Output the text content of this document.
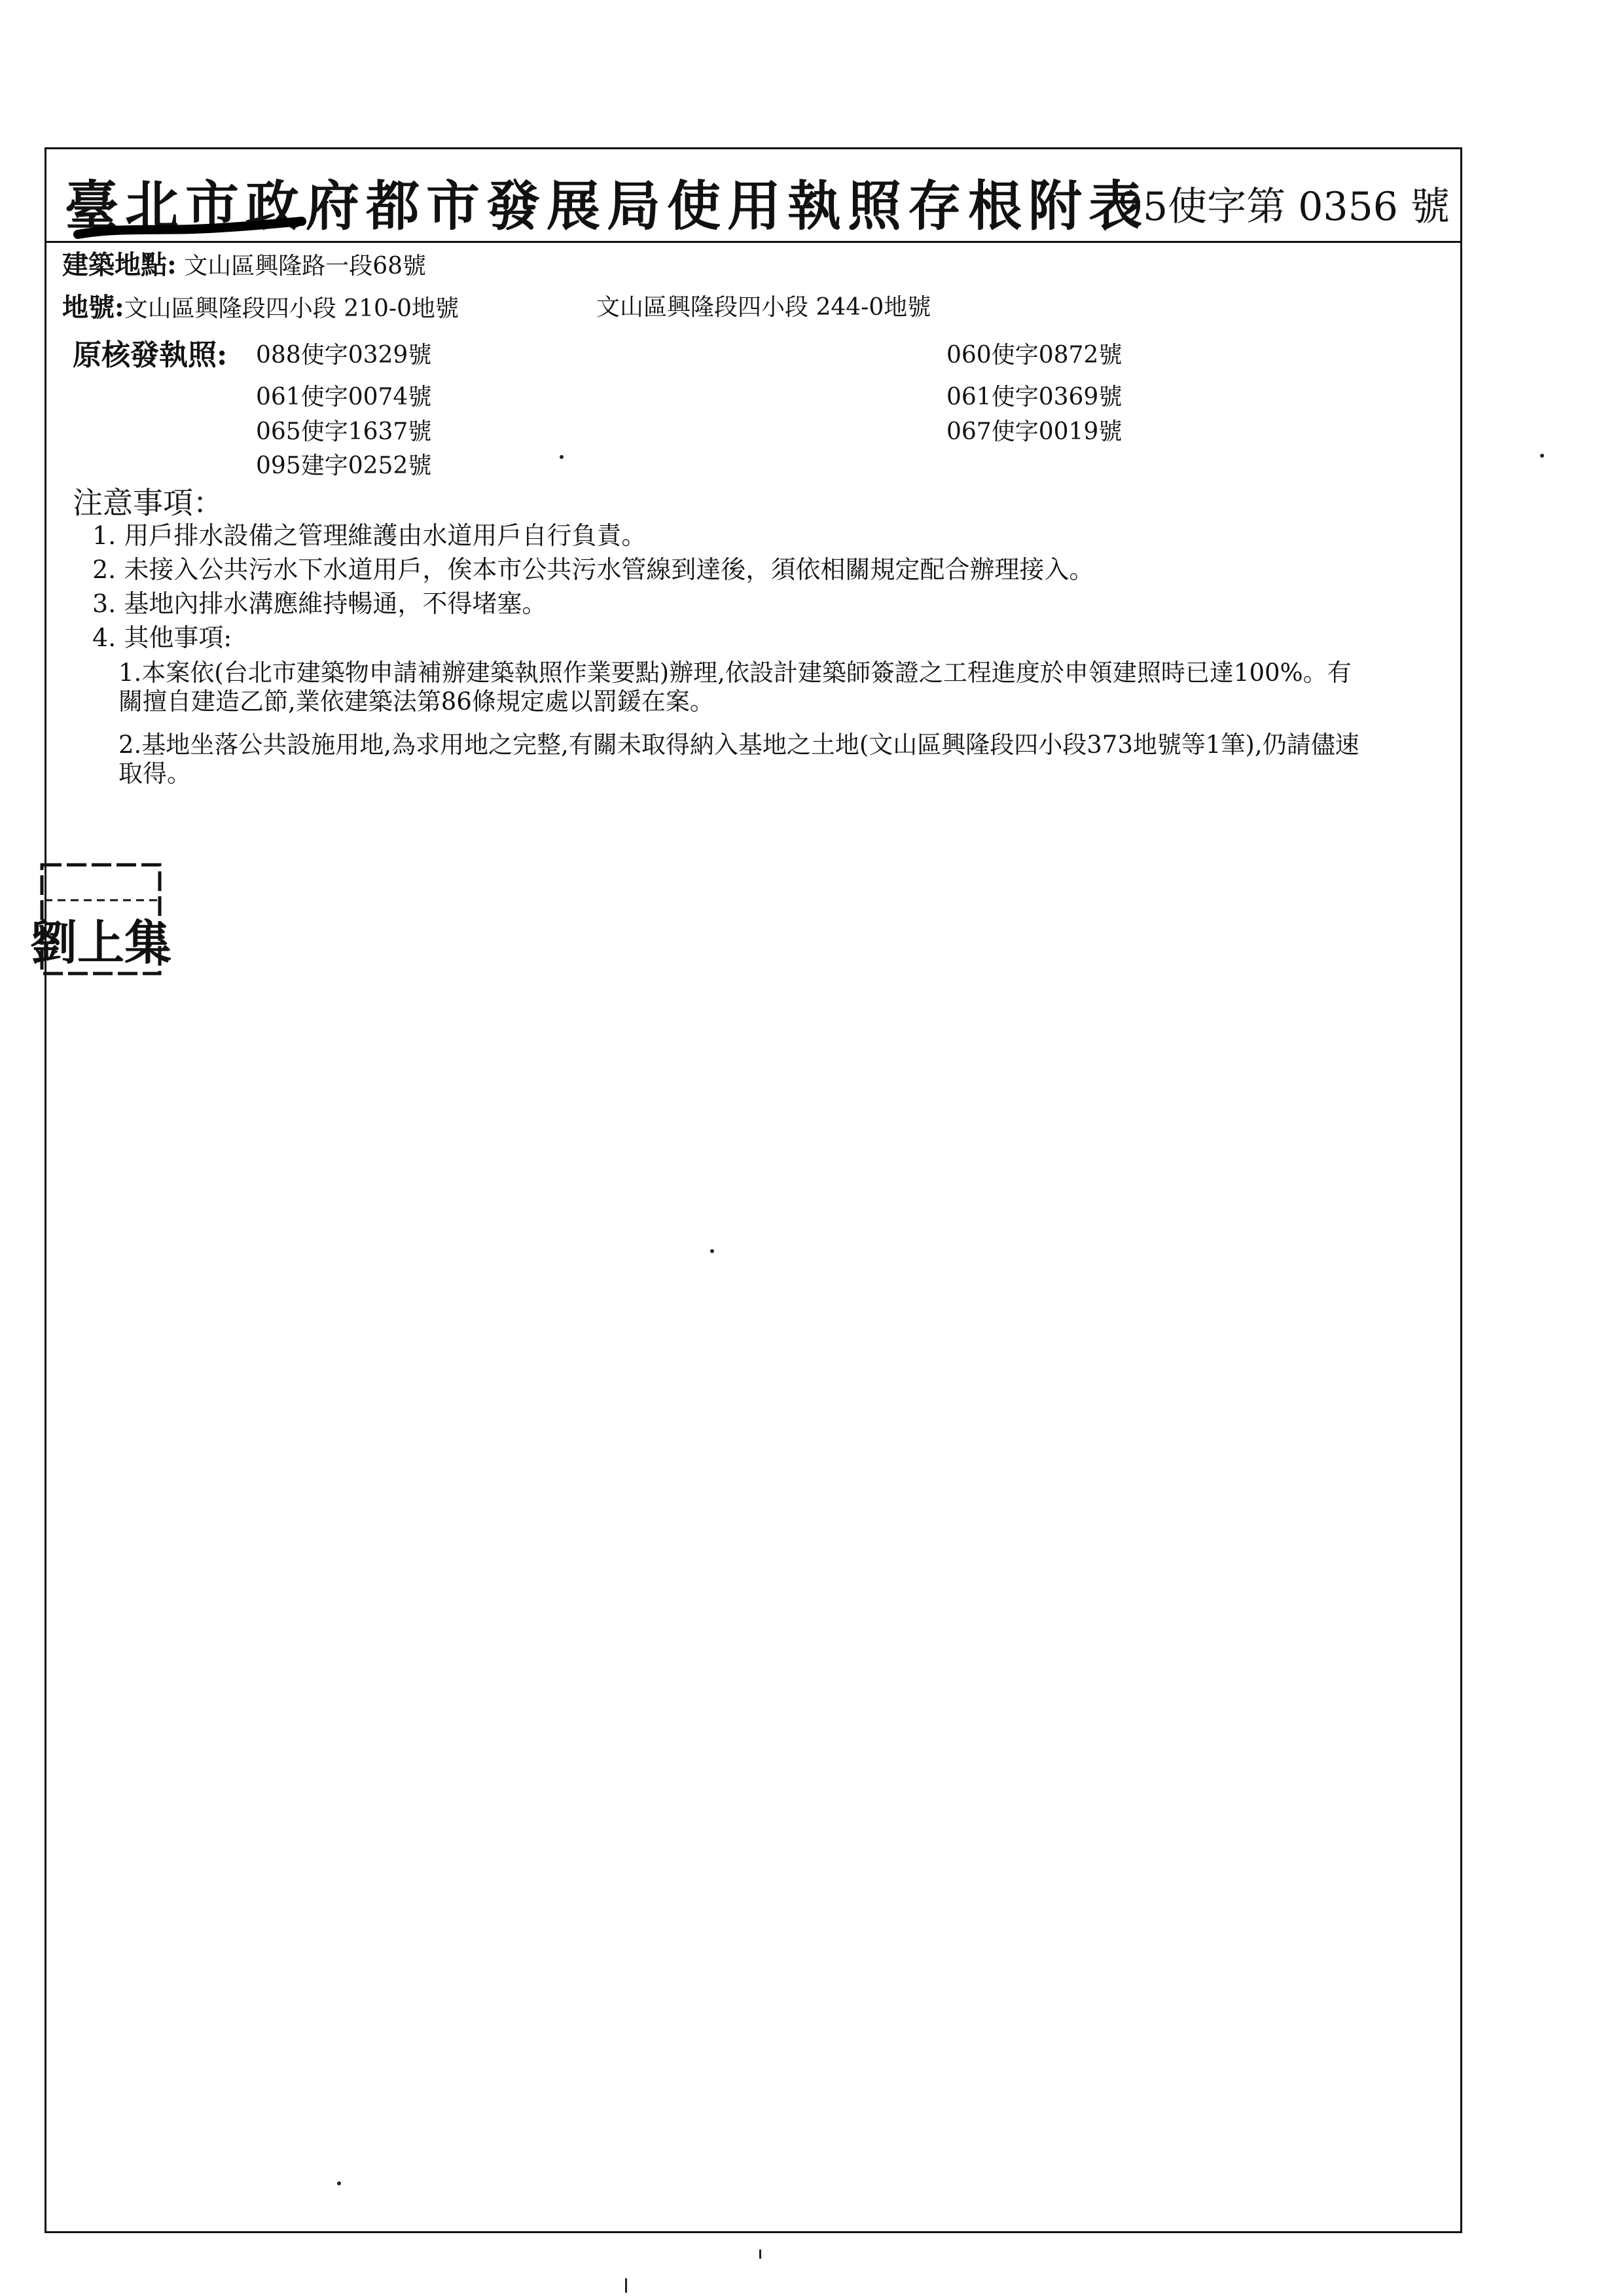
臺北市政府都市發展局使用執照存根附表
95使字第 0356 號
建築地點: 文山區興隆路一段68號
地號:文山區興隆段四小段 210-0地號	文山區興隆段四小段 244-0地號
原核發執照: 088使字0329號
061使字0074號
065使字1637號
095建字0252號
060使字0872號
061使字0369號
067使字0019號
注意事項：
1. 用戶排水設備之管理維護由水道用戶自行負責。
2. 未接入公共污水下水道用戶，俟本市公共污水管線到達後，須依相關規定配合辦理接入。
3. 基地內排水溝應維持暢通，不得堵塞。
4. 其他事項:
1.本案依(台北市建築物申請補辦建築執照作業要點)辦理,依設計建築師簽證之工程進度於申領建照時已達100%。有
關擅自建造乙節,業依建築法第86條規定處以罰鍰在案。
2.基地坐落公共設施用地,為求用地之完整,有關未取得納入基地之土地(文山區興隆段四小段373地號等1筆),仍請儘速
取得。
劉上集
